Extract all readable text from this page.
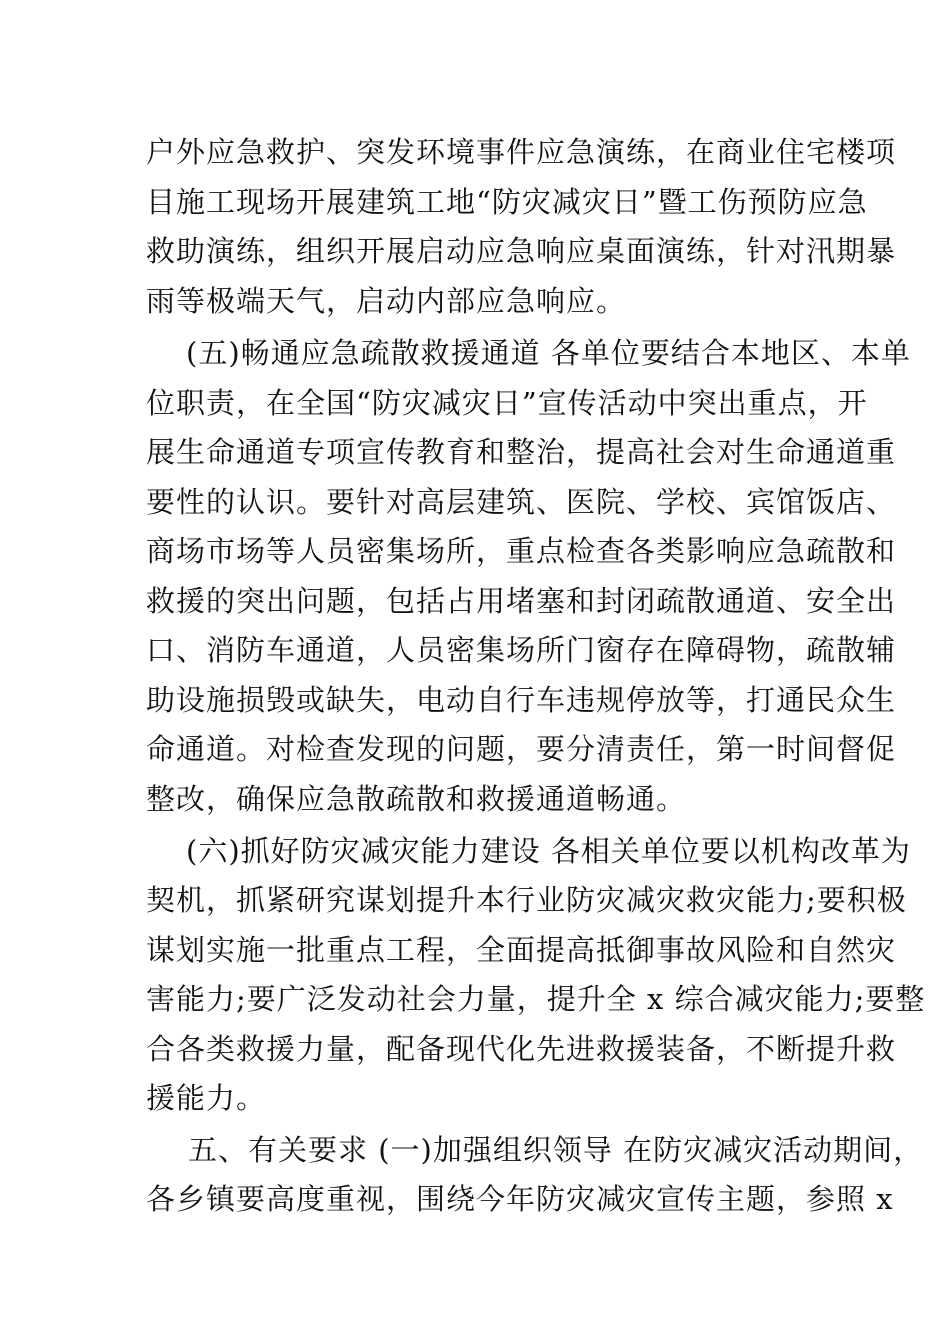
户外应急救护、突发环境事件应急演练，在商业住宅楼项

目施工现场开展建筑工地“防灾减灾日”暨工伤预防应急

救助演练，组织开展启动应急响应桌面演练，针对汛期暴

雨等极端天气，启动内部应急响应。

(五)畅通应急疏散救援通道 各单位要结合本地区、本单

位职责，在全国“防灾减灾日”宣传活动中突出重点，开

展生命通道专项宣传教育和整治，提高社会对生命通道重

要性的认识。要针对高层建筑、医院、学校、宾馆饭店、

商场市场等人员密集场所，重点检查各类影响应急疏散和

救援的突出问题，包括占用堵塞和封闭疏散通道、安全出

口、消防车通道，人员密集场所门窗存在障碍物，疏散辅

助设施损毁或缺失，电动自行车违规停放等，打通民众生

命通道。对检查发现的问题，要分清责任，第一时间督促

整改，确保应急散疏散和救援通道畅通。

(六)抓好防灾减灾能力建设 各相关单位要以机构改革为

契机，抓紧研究谋划提升本行业防灾减灾救灾能力;要积极

谋划实施一批重点工程，全面提高抵御事故风险和自然灾

害能力;要广泛发动社会力量，提升全 x 综合减灾能力;要整

合各类救援力量，配备现代化先进救援装备，不断提升救

援能力。

五、有关要求 (一)加强组织领导 在防灾减灾活动期间，

各乡镇要高度重视，围绕今年防灾减灾宣传主题，参照 x
